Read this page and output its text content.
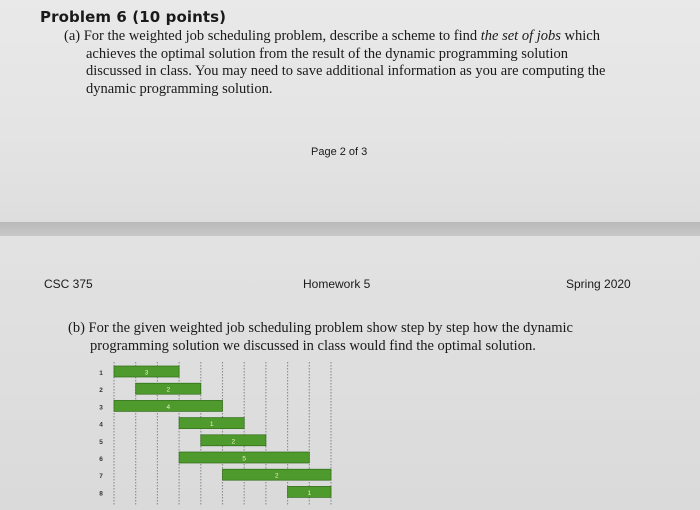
Problem 6 (10 points)
(a) For the weighted job scheduling problem, describe a scheme to find the set of jobs which
achieves the optimal solution from the result of the dynamic programming solution
discussed in class. You may need to save additional information as you are computing the
dynamic programming solution.
Page 2 of 3
CSC 375	Homework 5	Spring 2020
(b) For the given weighted job scheduling problem show step by step how the dynamic
programming solution we discussed in class would find the optimal solution.
3
2
4
1
2
5
2
1
1
2
3
4
5
6
7
8
